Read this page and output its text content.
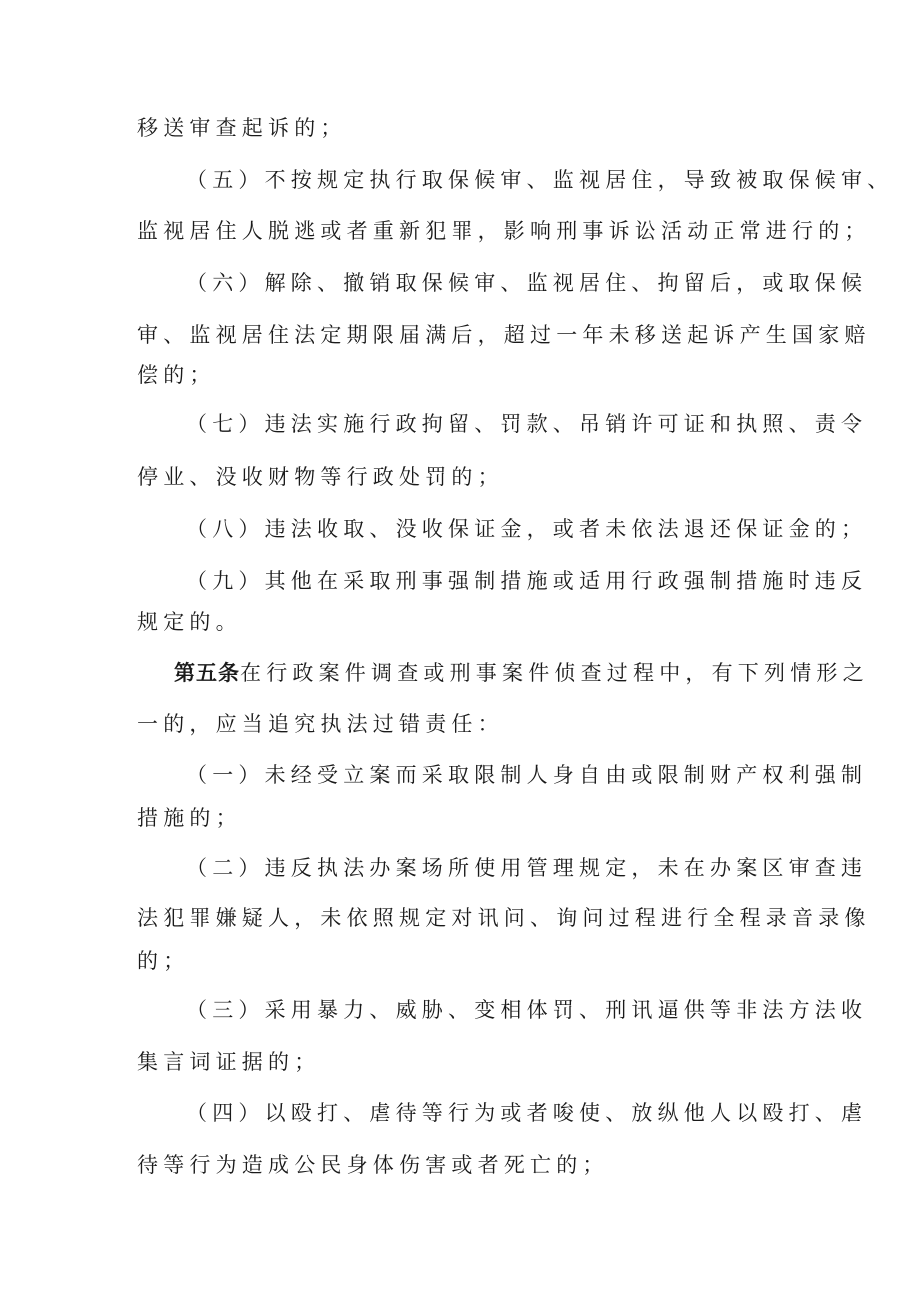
移送审查起诉的；
（五）不按规定执行取保候审、监视居住，导致被取保候审、
监视居住人脱逃或者重新犯罪，影响刑事诉讼活动正常进行的；
（六）解除、撤销取保候审、监视居住、拘留后，或取保候
审、监视居住法定期限届满后，超过一年未移送起诉产生国家赔
偿的；
（七）违法实施行政拘留、罚款、吊销许可证和执照、责令
停业、没收财物等行政处罚的；
（八）违法收取、没收保证金，或者未依法退还保证金的；
（九）其他在采取刑事强制措施或适用行政强制措施时违反
规定的。
第五条在行政案件调查或刑事案件侦查过程中，有下列情形之
一的，应当追究执法过错责任：
（一）未经受立案而采取限制人身自由或限制财产权利强制
措施的；
（二）违反执法办案场所使用管理规定，未在办案区审查违
法犯罪嫌疑人，未依照规定对讯问、询问过程进行全程录音录像
的；
（三）采用暴力、威胁、变相体罚、刑讯逼供等非法方法收
集言词证据的；
（四）以殴打、虐待等行为或者唆使、放纵他人以殴打、虐
待等行为造成公民身体伤害或者死亡的；
